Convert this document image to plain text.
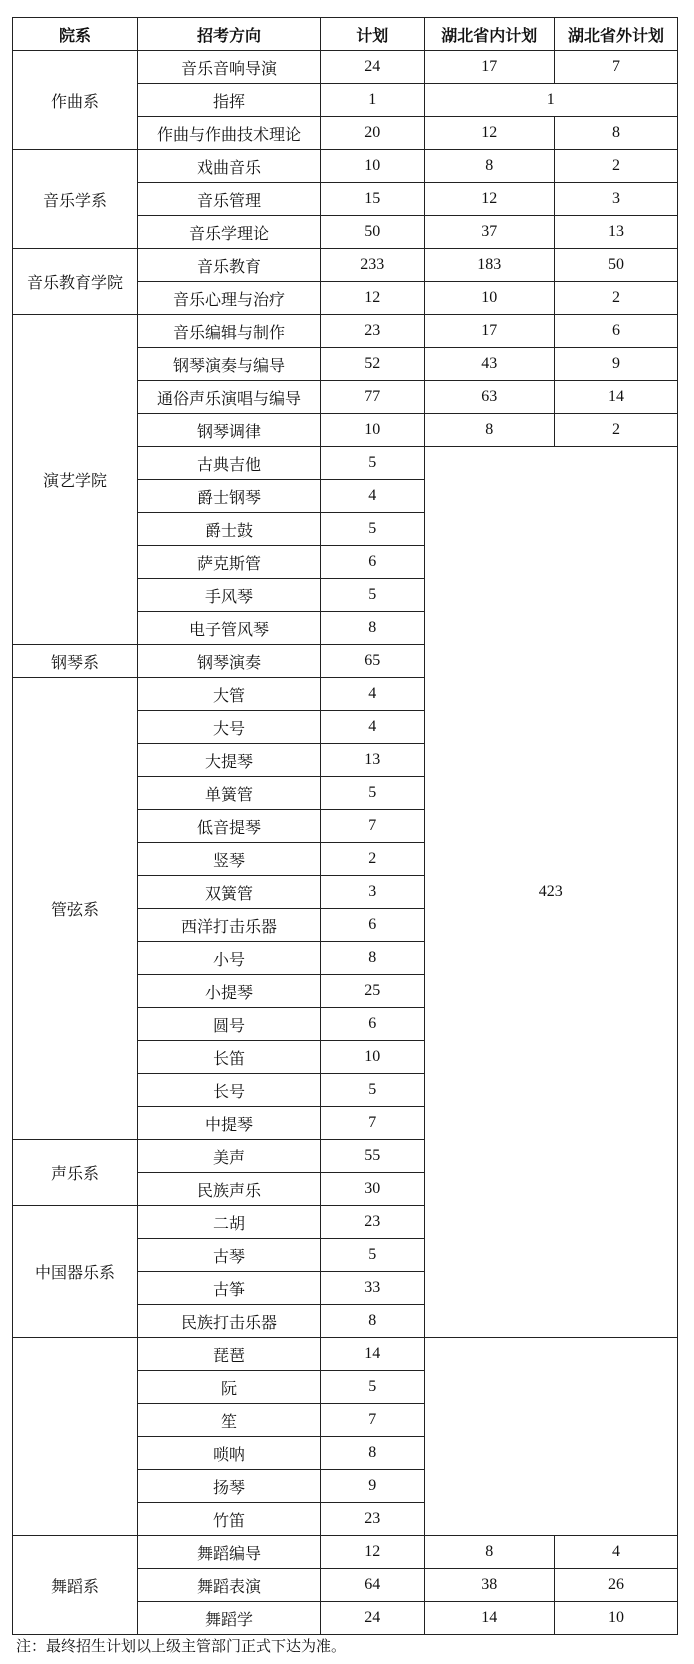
院系	招考方向	计划	湖北省内计划	湖北省外计划
作曲系	音乐音响导演	24	17	7
	指挥	1	1	
	作曲与作曲技术理论	20	12	8
音乐学系	戏曲音乐	10	8	2
	音乐管理	15	12	3
	音乐学理论	50	37	13
音乐教育学院	音乐教育	233	183	50
	音乐心理与治疗	12	10	2
演艺学院	音乐编辑与制作	23	17	6
	钢琴演奏与编导	52	43	9
	通俗声乐演唱与编导	77	63	14
	钢琴调律	10	8	2
	古典吉他	5	423	
	爵士钢琴	4		
	爵士鼓	5		
	萨克斯管	6		
	手风琴	5		
	电子管风琴	8		
钢琴系	钢琴演奏	65		
管弦系	大管	4		
	大号	4		
	大提琴	13		
	单簧管	5		
	低音提琴	7		
	竖琴	2		
	双簧管	3		
	西洋打击乐器	6		
	小号	8		
	小提琴	25		
	圆号	6		
	长笛	10		
	长号	5		
	中提琴	7		
声乐系	美声	55		
	民族声乐	30		
中国器乐系	二胡	23		
	古琴	5		
	古筝	33		
	民族打击乐器	8		
	琵琶	14		
	阮	5		
	笙	7		
	唢呐	8		
	扬琴	9		
	竹笛	23		
舞蹈系	舞蹈编导	12	8	4
	舞蹈表演	64	38	26
	舞蹈学	24	14	10
注：最终招生计划以上级主管部门正式下达为准。
